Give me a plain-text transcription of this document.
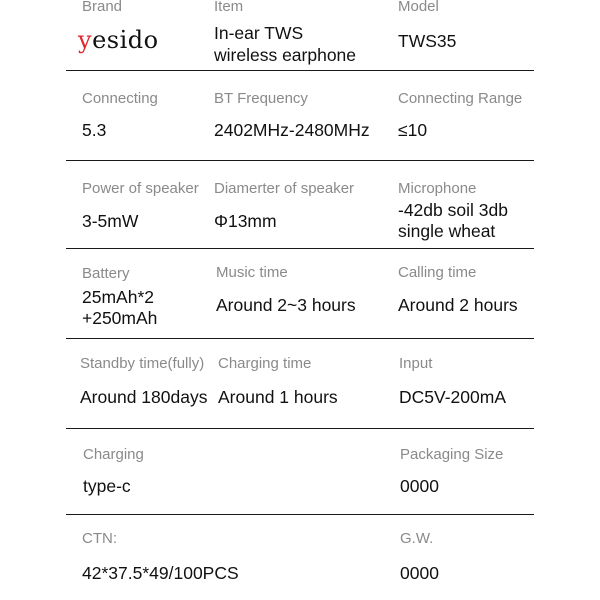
Brand
yesido
Item
In-ear TWS
wireless earphone
Model
TWS35
Connecting
5.3
BT Frequency
2402MHz-2480MHz
Connecting Range
≤10
Power of speaker
3-5mW
Diamerter of speaker
Φ13mm
Microphone
-42db soil 3db
single wheat
Battery
25mAh*2
+250mAh
Music time
Around 2~3 hours
Calling time
Around 2 hours
Standby time(fully)
Around 180days
Charging time
Around 1 hours
Input
DC5V-200mA
Charging
type-c
Packaging Size
0000
CTN:
42*37.5*49/100PCS
G.W.
0000
